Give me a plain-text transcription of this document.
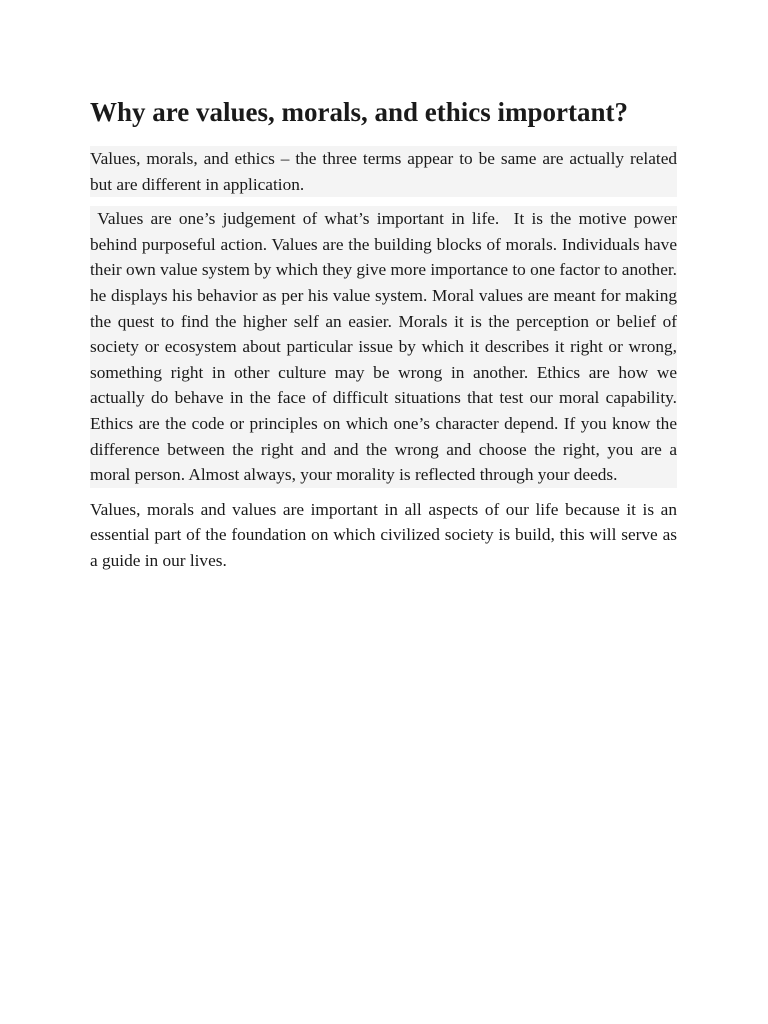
Why are values, morals, and ethics important?

Values, morals, and ethics – the three terms appear to be same are actually related but are different in application.

Values are one’s judgement of what’s important in life.  It is the motive power behind purposeful action. Values are the building blocks of morals. Individuals have their own value system by which they give more importance to one factor to another. he displays his behavior as per his value system. Moral values are meant for making the quest to find the higher self an easier. Morals it is the perception or belief of society or ecosystem about particular issue by which it describes it right or wrong, something right in other culture may be wrong in another. Ethics are how we actually do behave in the face of difficult situations that test our moral capability. Ethics are the code or principles on which one’s character depend. If you know the difference between the right and and the wrong and choose the right, you are a moral person. Almost always, your morality is reflected through your deeds.

Values, morals and values are important in all aspects of our life because it is an essential part of the foundation on which civilized society is build, this will serve as a guide in our lives.
